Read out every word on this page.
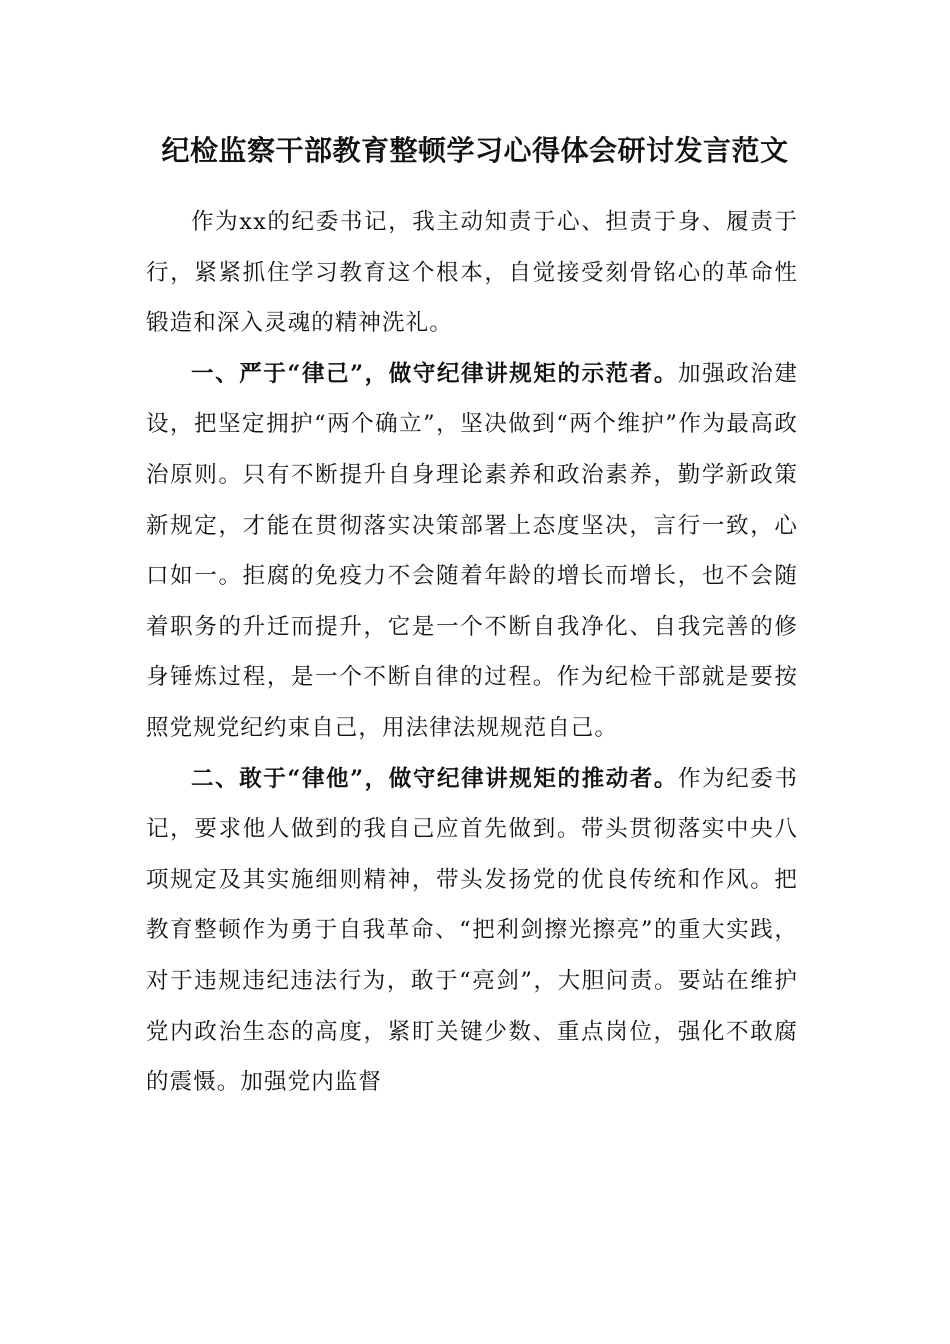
纪检监察干部教育整顿学习心得体会研讨发言范文

作为xx的纪委书记，我主动知责于心、担责于身、履责于行，紧紧抓住学习教育这个根本，自觉接受刻骨铭心的革命性锻造和深入灵魂的精神洗礼。

一、严于“律己”，做守纪律讲规矩的示范者。加强政治建设，把坚定拥护“两个确立”，坚决做到“两个维护”作为最高政治原则。只有不断提升自身理论素养和政治素养，勤学新政策新规定，才能在贯彻落实决策部署上态度坚决，言行一致，心口如一。拒腐的免疫力不会随着年龄的增长而增长，也不会随着职务的升迁而提升，它是一个不断自我净化、自我完善的修身锤炼过程，是一个不断自律的过程。作为纪检干部就是要按照党规党纪约束自己，用法律法规规范自己。

二、敢于“律他”，做守纪律讲规矩的推动者。作为纪委书记，要求他人做到的我自己应首先做到。带头贯彻落实中央八项规定及其实施细则精神，带头发扬党的优良传统和作风。把教育整顿作为勇于自我革命、“把利剑擦光擦亮”的重大实践，对于违规违纪违法行为，敢于“亮剑”，大胆问责。要站在维护党内政治生态的高度，紧盯关键少数、重点岗位，强化不敢腐的震慑。加强党内监督
